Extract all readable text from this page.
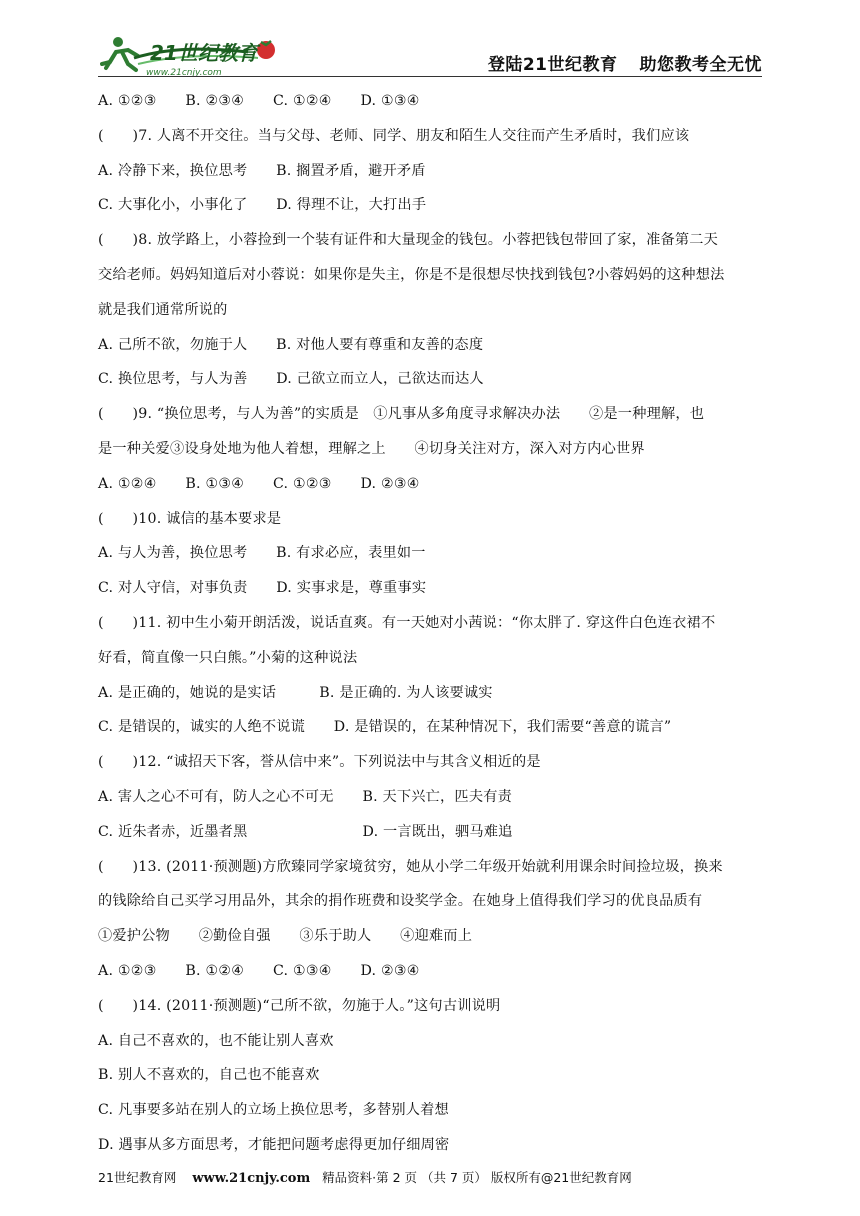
21世纪教育
www.21cnjy.com	登陆21世纪教育 助您教考全无忧
A. ①②③　　B. ②③④　　C. ①②④　　D. ①③④
(　　)7. 人离不开交往。当与父母、老师、同学、朋友和陌生人交往而产生矛盾时，我们应该
A. 冷静下来，换位思考　　B. 搁置矛盾，避开矛盾
C. 大事化小，小事化了　　D. 得理不让，大打出手
(　　)8. 放学路上，小蓉捡到一个装有证件和大量现金的钱包。小蓉把钱包带回了家，准备第二天
交给老师。妈妈知道后对小蓉说：如果你是失主，你是不是很想尽快找到钱包?小蓉妈妈的这种想法
就是我们通常所说的
A. 己所不欲，勿施于人　　B. 对他人要有尊重和友善的态度
C. 换位思考，与人为善　　D. 己欲立而立人，己欲达而达人
(　　)9. “换位思考，与人为善”的实质是　①凡事从多角度寻求解决办法　　②是一种理解，也
是一种关爱③设身处地为他人着想，理解之上　　④切身关注对方，深入对方内心世界
A. ①②④　　B. ①③④　　C. ①②③　　D. ②③④
(　　)10. 诚信的基本要求是
A. 与人为善，换位思考　　B. 有求必应，表里如一
C. 对人守信，对事负责　　D. 实事求是，尊重事实
(　　)11. 初中生小菊开朗活泼，说话直爽。有一天她对小茜说：“你太胖了. 穿这件白色连衣裙不
好看，简直像一只白熊。”小菊的这种说法
A. 是正确的，她说的是实话　　　B. 是正确的. 为人该要诚实
C. 是错误的，诚实的人绝不说谎　　D. 是错误的，在某种情况下，我们需要“善意的谎言”
(　　)12. “诚招天下客，誉从信中来”。下列说法中与其含义相近的是
A. 害人之心不可有，防人之心不可无　　B. 天下兴亡，匹夫有责
C. 近朱者赤，近墨者黑　　　　　　　　D. 一言既出，驷马难追
(　　)13. (2011·预测题)方欣臻同学家境贫穷，她从小学二年级开始就利用课余时间捡垃圾，换来
的钱除给自己买学习用品外，其余的捐作班费和设奖学金。在她身上值得我们学习的优良品质有
①爱护公物　　②勤俭自强　　③乐于助人　　④迎难而上
A. ①②③　　B. ①②④　　C. ①③④　　D. ②③④
(　　)14. (2011·预测题)“己所不欲，勿施于人。”这句古训说明
A. 自己不喜欢的，也不能让别人喜欢
B. 别人不喜欢的，自己也不能喜欢
C. 凡事要多站在别人的立场上换位思考，多替别人着想
D. 遇事从多方面思考，才能把问题考虑得更加仔细周密
21世纪教育网 www.21cnjy.com 精品资料·第 2 页 （共 7 页） 版权所有@21世纪教育网
